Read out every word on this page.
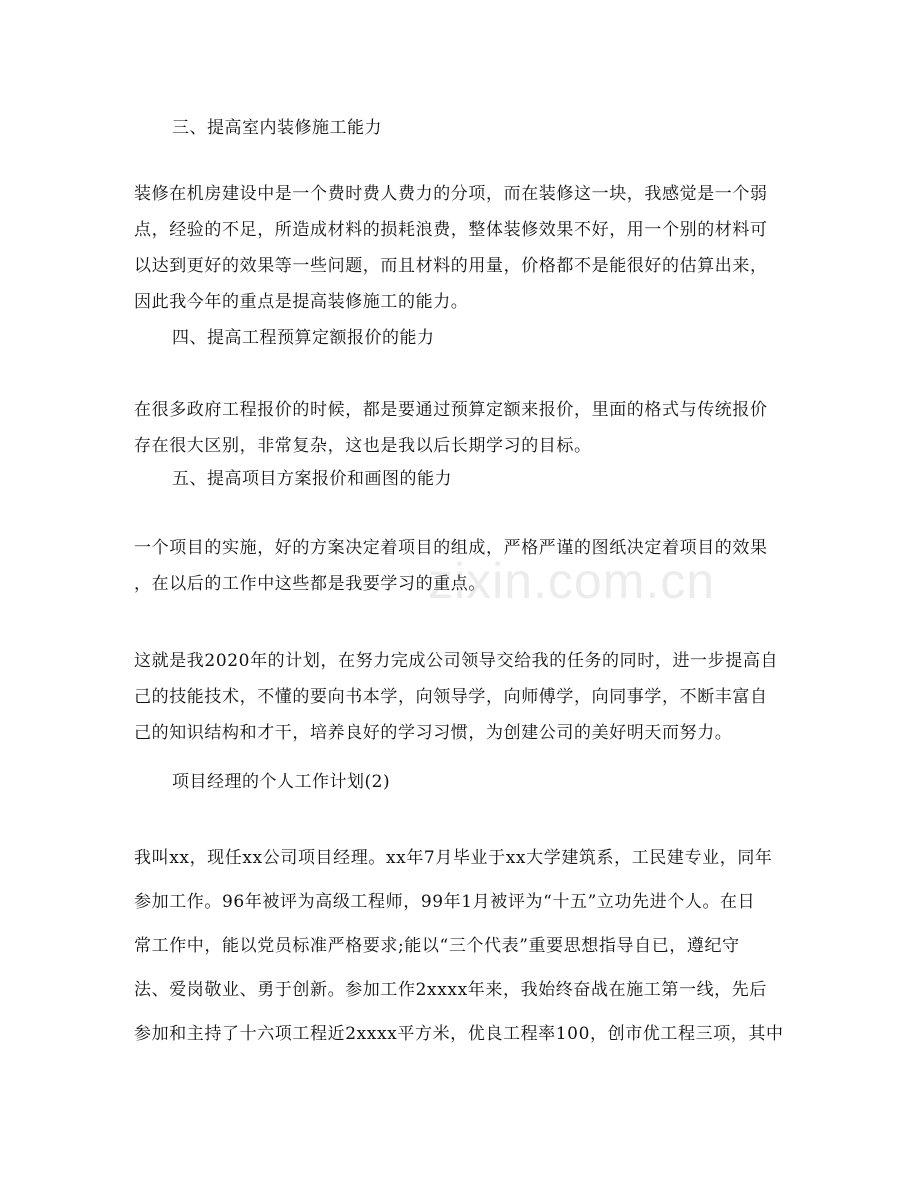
zixin.com.cn
三、提高室内装修施工能力
装修在机房建设中是一个费时费人费力的分项，而在装修这一块，我感觉是一个弱
点，经验的不足，所造成材料的损耗浪费，整体装修效果不好，用一个别的材料可
以达到更好的效果等一些问题，而且材料的用量，价格都不是能很好的估算出来，
因此我今年的重点是提高装修施工的能力。
四、提高工程预算定额报价的能力
在很多政府工程报价的时候，都是要通过预算定额来报价，里面的格式与传统报价
存在很大区别，非常复杂，这也是我以后长期学习的目标。
五、提高项目方案报价和画图的能力
一个项目的实施，好的方案决定着项目的组成，严格严谨的图纸决定着项目的效果
，在以后的工作中这些都是我要学习的重点。
这就是我2020年的计划，在努力完成公司领导交给我的任务的同时，进一步提高自
己的技能技术，不懂的要向书本学，向领导学，向师傅学，向同事学，不断丰富自
己的知识结构和才干，培养良好的学习习惯，为创建公司的美好明天而努力。
项目经理的个人工作计划(2)
我叫xx，现任xx公司项目经理。xx年7月毕业于xx大学建筑系，工民建专业，同年
参加工作。96年被评为高级工程师，99年1月被评为“十五”立功先进个人。在日
常工作中，能以党员标准严格要求;能以“三个代表”重要思想指导自已，遵纪守
法、爱岗敬业、勇于创新。参加工作2xxxx年来，我始终奋战在施工第一线，先后
参加和主持了十六项工程近2xxxx平方米，优良工程率100，创市优工程三项，其中
